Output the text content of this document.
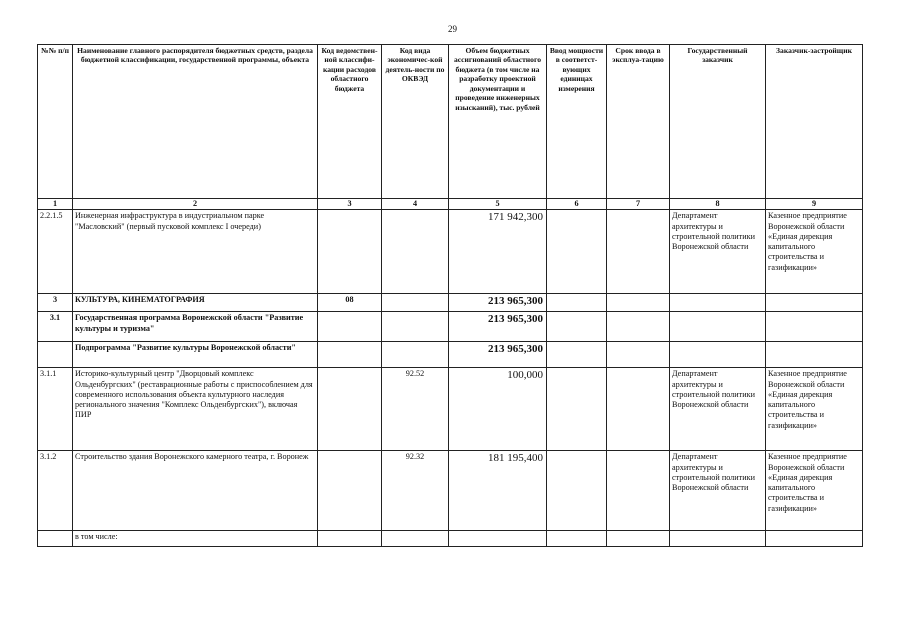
29
№№ п/п	Наименование главного распорядителя бюджетных средств, раздела бюджетной классификации, государственной программы, объекта	Код ведомствен-ной классифи-кации расходов областного бюджета	Код вида экономичес-кой деятель-ности по ОКВЭД	Объем бюджетных ассигнований областного бюджета (в том числе на разработку проектной документации и проведение инженерных изысканий), тыс. рублей	Ввод мощности в соответст-вующих единицах измерения	Срок ввода в эксплуа-тацию	Государственный заказчик	Заказчик-застройщик
1	2	3	4	5	6	7	8	9
2.2.1.5	Инженерная инфраструктура в индустриальном парке "Масловский" (первый пусковой комплекс I очереди)			171 942,300			Департамент архитектуры и строительной политики Воронежской области	Казенное предприятие Воронежской области «Единая дирекция капитального строительства и газификации»
3	КУЛЬТУРА, КИНЕМАТОГРАФИЯ	08		213 965,300				
3.1	Государственная программа Воронежской области "Развитие культуры и туризма"			213 965,300				
	Подпрограмма "Развитие культуры Воронежской области"			213 965,300				
3.1.1	Историко-культурный центр "Дворцовый комплекс Ольденбургских" (реставрационные работы с приспособлением для современного использования объекта культурного наследия регионального значения "Комплекс Ольденбургских"), включая ПИР		92.52	100,000			Департамент архитектуры и строительной политики Воронежской области	Казенное предприятие Воронежской области «Единая дирекция капитального строительства и газификации»
3.1.2	Строительство здания Воронежского камерного театра, г. Воронеж		92.32	181 195,400			Департамент архитектуры и строительной политики Воронежской области	Казенное предприятие Воронежской области «Единая дирекция капитального строительства и газификации»
	в том числе:							
